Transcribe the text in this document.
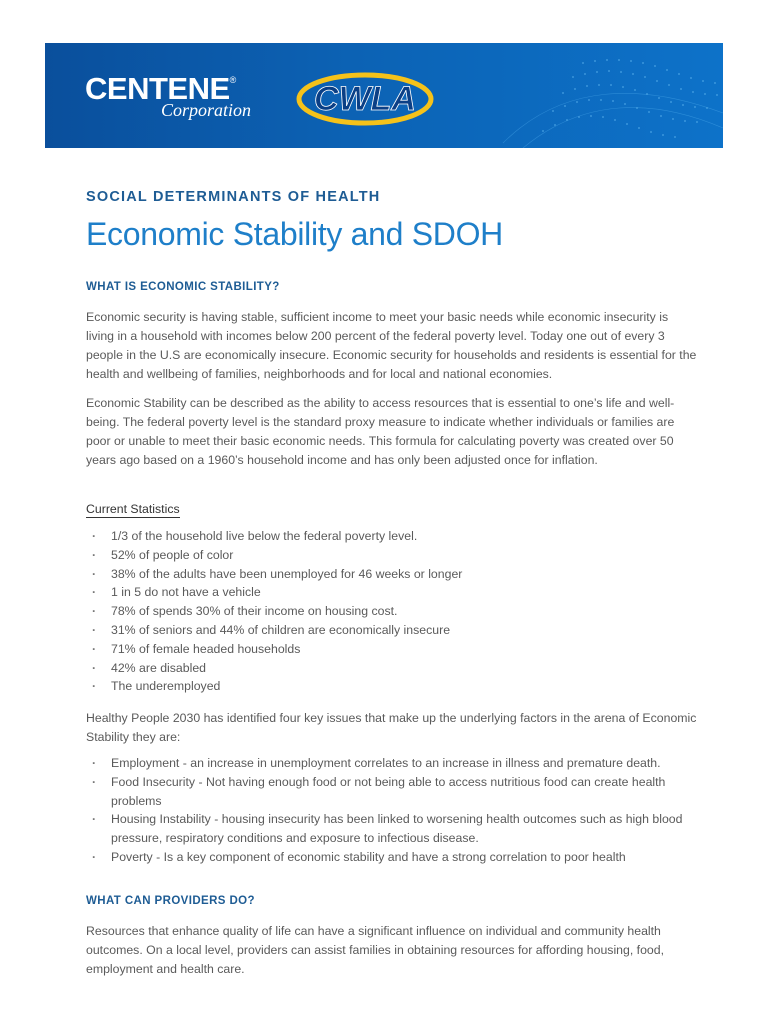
CENTENE®
Corporation CWLA
SOCIAL DETERMINANTS OF HEALTH
Economic Stability and SDOH
WHAT IS ECONOMIC STABILITY?

Economic security is having stable, sufficient income to meet your basic needs while economic insecurity is living in a household with incomes below 200 percent of the federal poverty level. Today one out of every 3 people in the U.S are economically insecure. Economic security for households and residents is essential for the health and wellbeing of families, neighborhoods and for local and national economies.

Economic Stability can be described as the ability to access resources that is essential to one’s life and well-being. The federal poverty level is the standard proxy measure to indicate whether individuals or families are poor or unable to meet their basic economic needs. This formula for calculating poverty was created over 50 years ago based on a 1960’s household income and has only been adjusted once for inflation.

Current Statistics
· 1/3 of the household live below the federal poverty level.
· 52% of people of color
· 38% of the adults have been unemployed for 46 weeks or longer
· 1 in 5 do not have a vehicle
· 78% of spends 30% of their income on housing cost.
· 31% of seniors and 44% of children are economically insecure
· 71% of female headed households
· 42% are disabled
· The underemployed

Healthy People 2030 has identified four key issues that make up the underlying factors in the arena of Economic Stability they are:

· Employment - an increase in unemployment correlates to an increase in illness and premature death.
· Food Insecurity - Not having enough food or not being able to access nutritious food can create health problems
· Housing Instability - housing insecurity has been linked to worsening health outcomes such as high blood pressure, respiratory conditions and exposure to infectious disease.
· Poverty - Is a key component of economic stability and have a strong correlation to poor health
WHAT CAN PROVIDERS DO?

Resources that enhance quality of life can have a significant influence on individual and community health outcomes. On a local level, providers can assist families in obtaining resources for affording housing, food, employment and health care.
